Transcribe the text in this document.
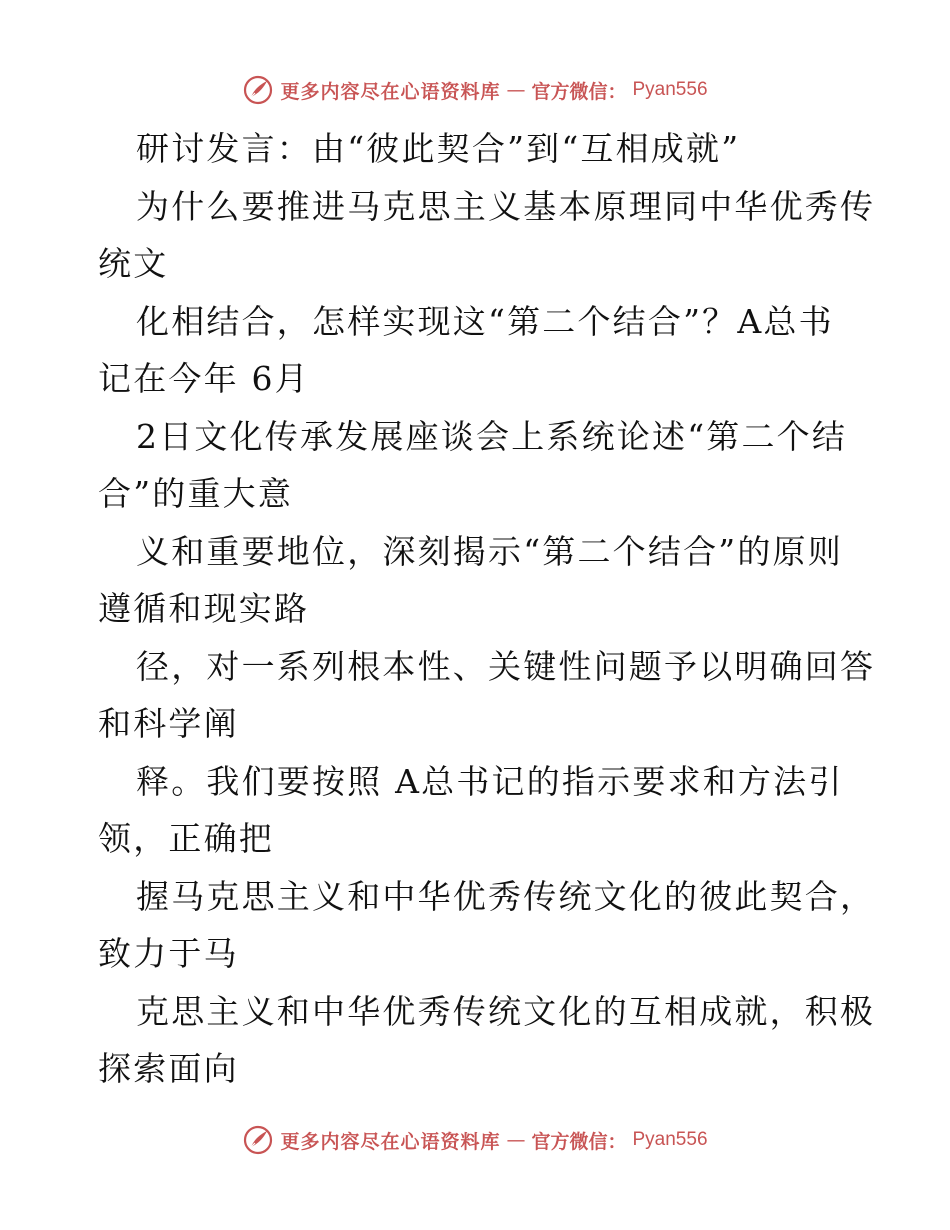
更多内容尽在心语资料库 — 官方微信： Pyan556
研讨发言：由“彼此契合”到“互相成就”
为什么要推进马克思主义基本原理同中华优秀传
统文
化相结合，怎样实现这“第二个结合”？A总书
记在今年 6月
2日文化传承发展座谈会上系统论述“第二个结
合”的重大意
义和重要地位，深刻揭示“第二个结合”的原则
遵循和现实路
径，对一系列根本性、关键性问题予以明确回答
和科学阐
释。我们要按照 A总书记的指示要求和方法引
领，正确把
握马克思主义和中华优秀传统文化的彼此契合，
致力于马
克思主义和中华优秀传统文化的互相成就，积极
探索面向
更多内容尽在心语资料库 — 官方微信： Pyan556
